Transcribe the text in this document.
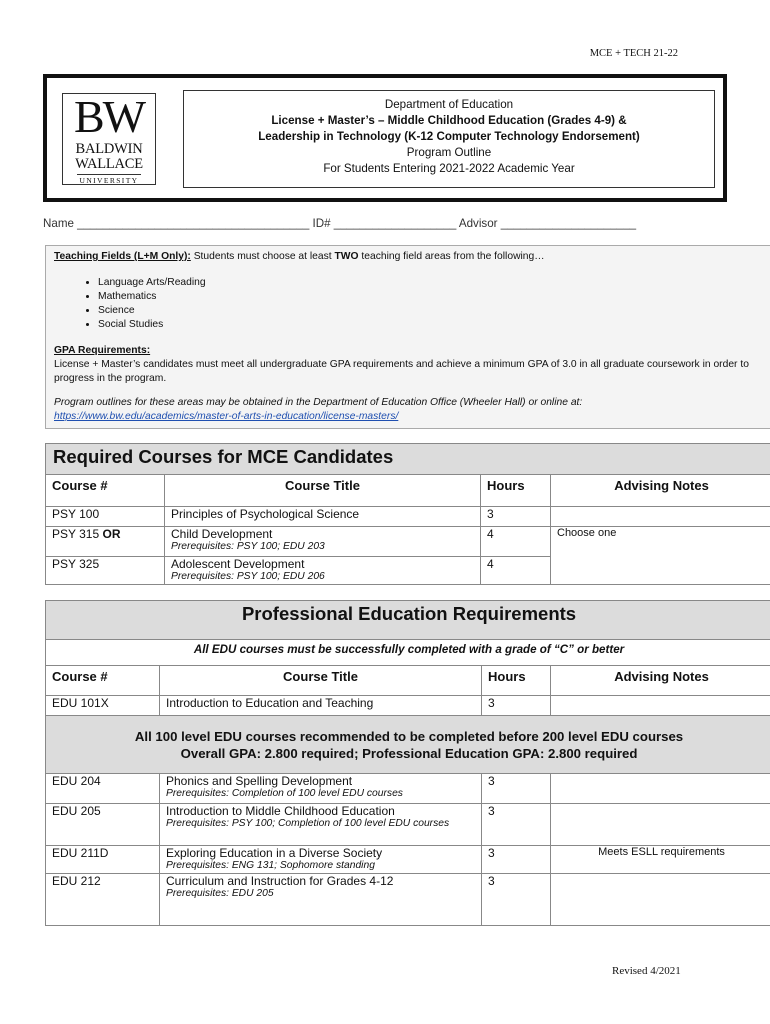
MCE + TECH 21-22
BW
BALDWIN
WALLACE
UNIVERSITY
Department of Education
License + Master’s – Middle Childhood Education (Grades 4-9) &
Leadership in Technology (K-12 Computer Technology Endorsement)
Program Outline
For Students Entering 2021-2022 Academic Year
Name ____________________________________ ID# ___________________ Advisor _____________________
Teaching Fields (L+M Only): Students must choose at least TWO teaching field areas from the following…
• Language Arts/Reading
• Mathematics
• Science
• Social Studies
GPA Requirements:
License + Master’s candidates must meet all undergraduate GPA requirements and achieve a minimum GPA of 3.0 in all graduate coursework in order to progress in the program.
Program outlines for these areas may be obtained in the Department of Education Office (Wheeler Hall) or online at:
https://www.bw.edu/academics/master-of-arts-in-education/license-masters/
Required Courses for MCE Candidates			
Course #	Course Title	Hours	Advising Notes
PSY 100	Principles of Psychological Science	3	
PSY 315 OR	Child Development
Prerequisites: PSY 100; EDU 203	4	Choose one
PSY 325	Adolescent Development
Prerequisites: PSY 100; EDU 206	4	
Professional Education Requirements			
All EDU courses must be successfully completed with a grade of “C” or better			
Course #	Course Title	Hours	Advising Notes
EDU 101X	Introduction to Education and Teaching	3	

All 100 level EDU courses recommended to be completed before 200 level EDU courses
Overall GPA: 2.800 required; Professional Education GPA: 2.800 required			

EDU 204	Phonics and Spelling Development
Prerequisites: Completion of 100 level EDU courses	3	
EDU 205	Introduction to Middle Childhood Education
Prerequisites: PSY 100; Completion of 100 level EDU courses	3	
EDU 211D	Exploring Education in a Diverse Society
Prerequisites: ENG 131; Sophomore standing	3	Meets ESLL requirements
EDU 212	Curriculum and Instruction for Grades 4-12
Prerequisites: EDU 205	3	
Revised 4/2021
